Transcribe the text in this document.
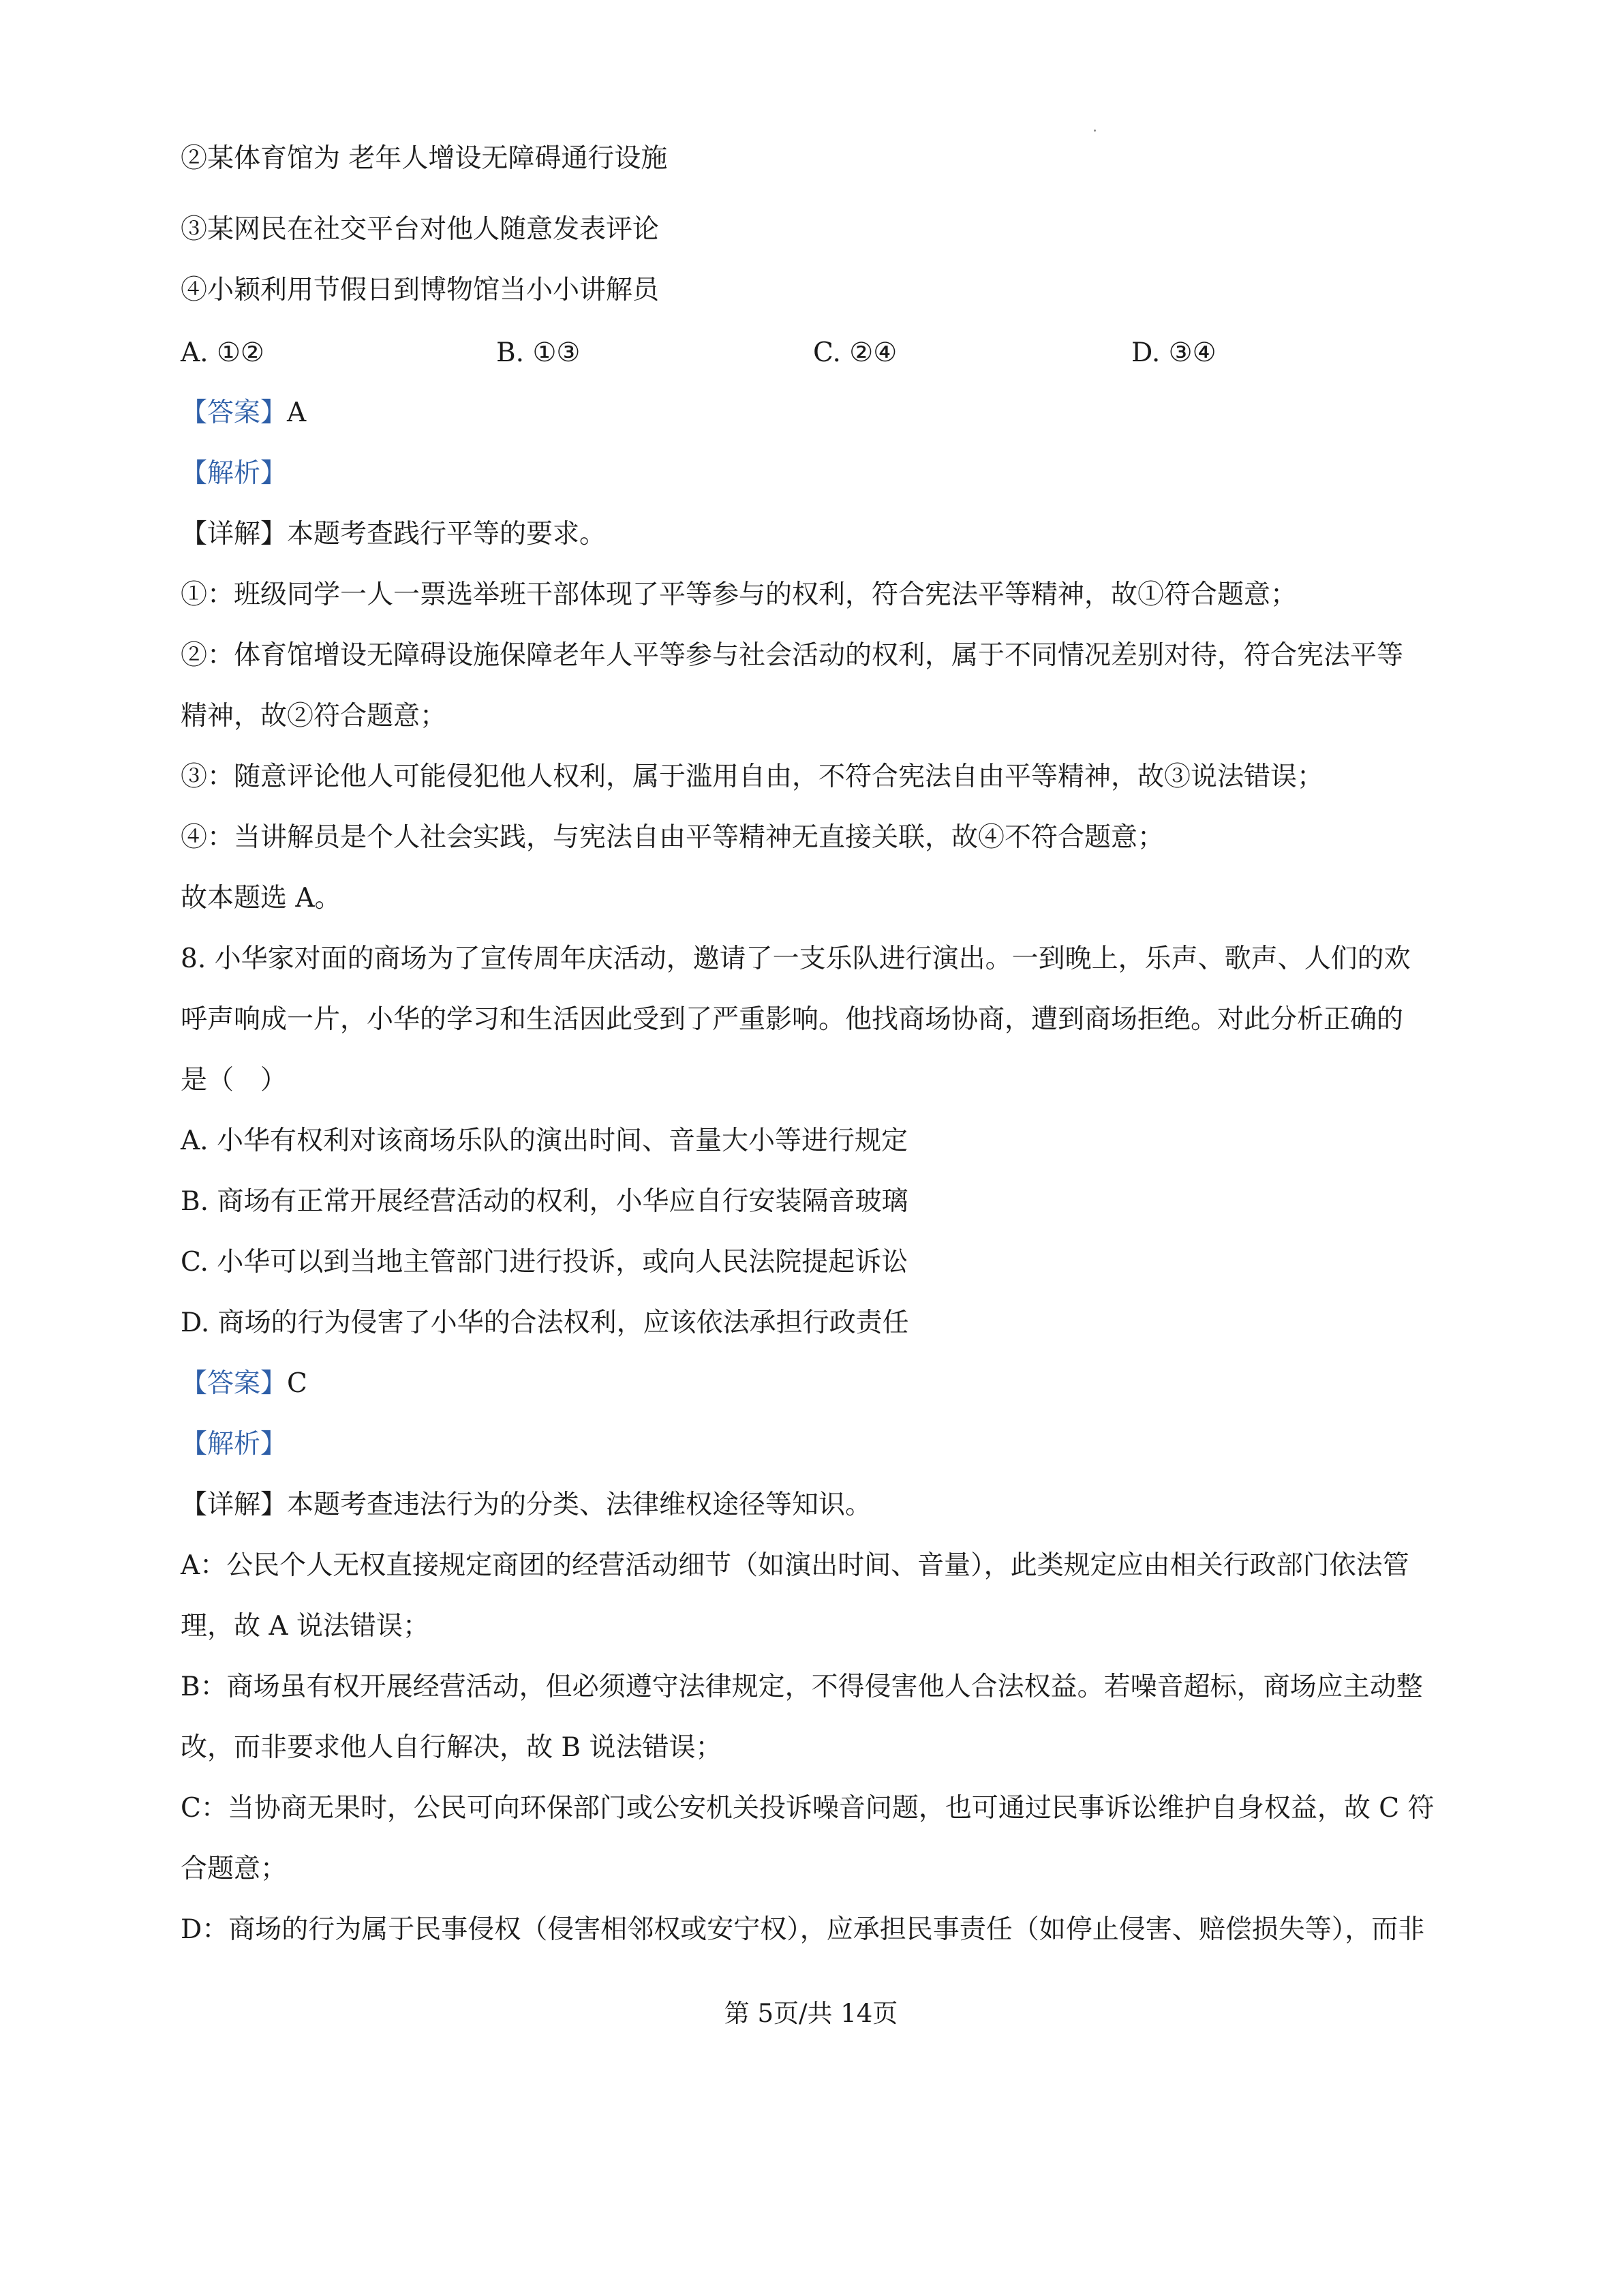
②某体育馆为 老年人增设无障碍通行设施
③某网民在社交平台对他人随意发表评论
④小颖利用节假日到博物馆当小小讲解员
A. ①②	B. ①③	C. ②④	D. ③④
【答案】A
【解析】
【详解】本题考查践行平等的要求。
①：班级同学一人一票选举班干部体现了平等参与的权利，符合宪法平等精神，故①符合题意；
②：体育馆增设无障碍设施保障老年人平等参与社会活动的权利，属于不同情况差别对待，符合宪法平等
精神，故②符合题意；
③：随意评论他人可能侵犯他人权利，属于滥用自由，不符合宪法自由平等精神，故③说法错误；
④：当讲解员是个人社会实践，与宪法自由平等精神无直接关联，故④不符合题意；
故本题选 A。
8. 小华家对面的商场为了宣传周年庆活动，邀请了一支乐队进行演出。一到晚上，乐声、歌声、人们的欢
呼声响成一片，小华的学习和生活因此受到了严重影响。他找商场协商，遭到商场拒绝。对此分析正确的
是（　）
A. 小华有权利对该商场乐队的演出时间、音量大小等进行规定
B. 商场有正常开展经营活动的权利，小华应自行安装隔音玻璃
C. 小华可以到当地主管部门进行投诉，或向人民法院提起诉讼
D. 商场的行为侵害了小华的合法权利，应该依法承担行政责任
【答案】C
【解析】
【详解】本题考查违法行为的分类、法律维权途径等知识。
A：公民个人无权直接规定商团的经营活动细节（如演出时间、音量），此类规定应由相关行政部门依法管
理，故 A 说法错误；
B：商场虽有权开展经营活动，但必须遵守法律规定，不得侵害他人合法权益。若噪音超标，商场应主动整
改，而非要求他人自行解决，故 B 说法错误；
C：当协商无果时，公民可向环保部门或公安机关投诉噪音问题，也可通过民事诉讼维护自身权益，故 C 符
合题意；
D：商场的行为属于民事侵权（侵害相邻权或安宁权），应承担民事责任（如停止侵害、赔偿损失等），而非
第 5页/共 14页
